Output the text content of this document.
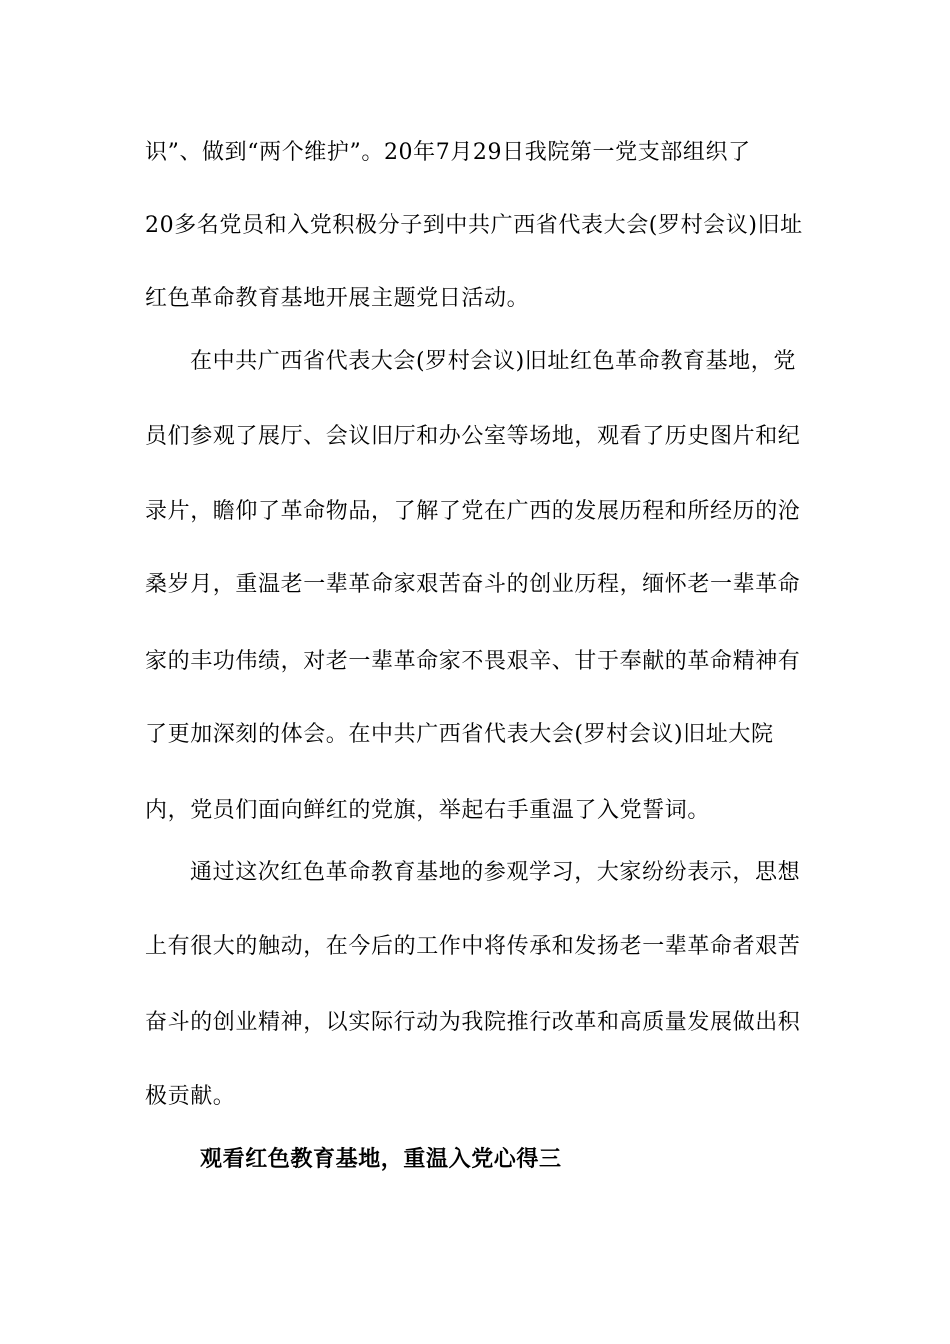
识”、做到“两个维护”。20年7月29日我院第一党支部组织了
20多名党员和入党积极分子到中共广西省代表大会(罗村会议)旧址
红色革命教育基地开展主题党日活动。
在中共广西省代表大会(罗村会议)旧址红色革命教育基地，党
员们参观了展厅、会议旧厅和办公室等场地，观看了历史图片和纪
录片，瞻仰了革命物品，了解了党在广西的发展历程和所经历的沧
桑岁月，重温老一辈革命家艰苦奋斗的创业历程，缅怀老一辈革命
家的丰功伟绩，对老一辈革命家不畏艰辛、甘于奉献的革命精神有
了更加深刻的体会。在中共广西省代表大会(罗村会议)旧址大院
内，党员们面向鲜红的党旗，举起右手重温了入党誓词。
通过这次红色革命教育基地的参观学习，大家纷纷表示，思想
上有很大的触动，在今后的工作中将传承和发扬老一辈革命者艰苦
奋斗的创业精神，以实际行动为我院推行改革和高质量发展做出积
极贡献。
观看红色教育基地，重温入党心得三
